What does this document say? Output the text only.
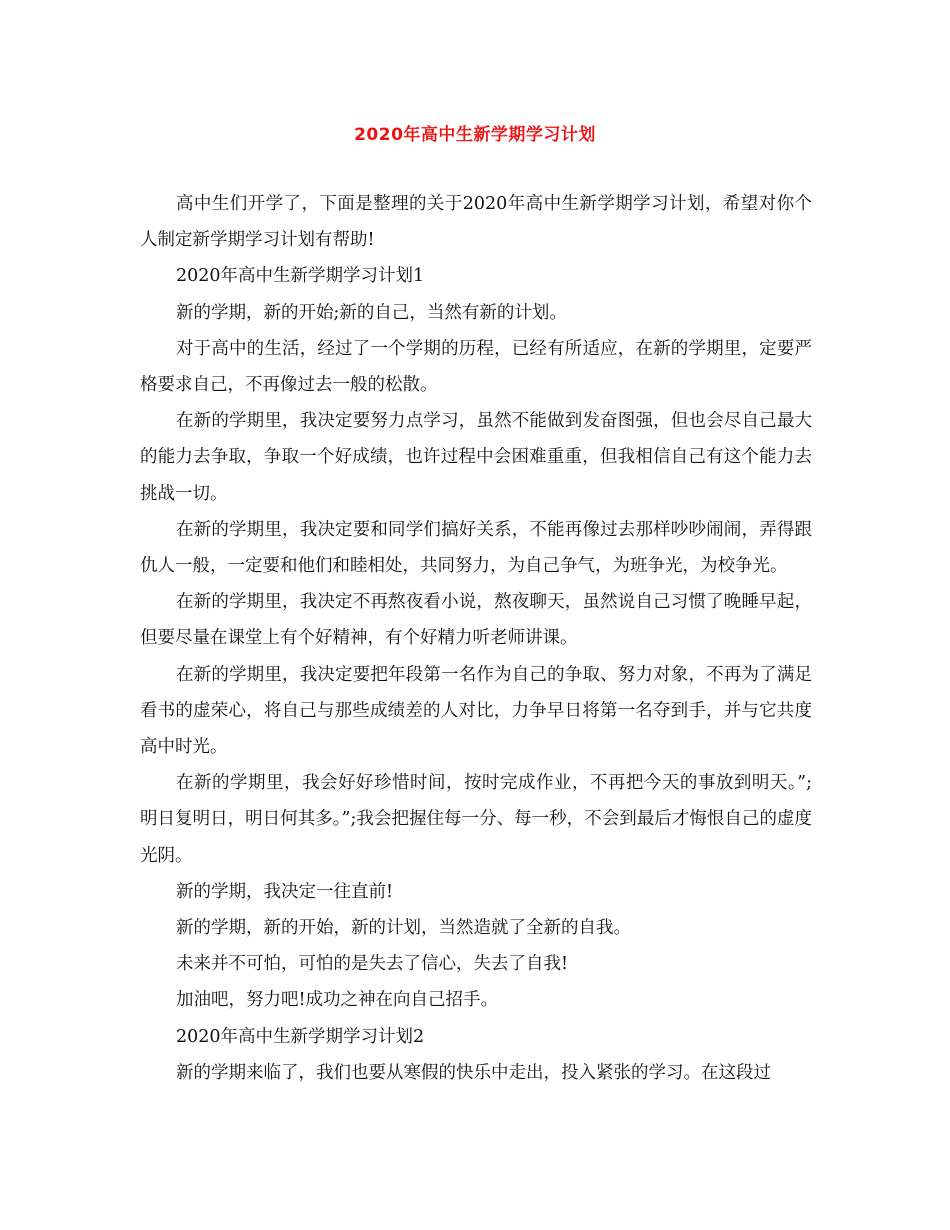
2020年高中生新学期学习计划

高中生们开学了，下面是整理的关于2020年高中生新学期学习计划，希望对你个人制定新学期学习计划有帮助!

2020年高中生新学期学习计划1

新的学期，新的开始;新的自己，当然有新的计划。

对于高中的生活，经过了一个学期的历程，已经有所适应，在新的学期里，定要严格要求自己，不再像过去一般的松散。

在新的学期里，我决定要努力点学习，虽然不能做到发奋图强，但也会尽自己最大的能力去争取，争取一个好成绩，也许过程中会困难重重，但我相信自己有这个能力去挑战一切。

在新的学期里，我决定要和同学们搞好关系，不能再像过去那样吵吵闹闹，弄得跟仇人一般，一定要和他们和睦相处，共同努力，为自己争气，为班争光，为校争光。

在新的学期里，我决定不再熬夜看小说，熬夜聊天，虽然说自己习惯了晚睡早起，但要尽量在课堂上有个好精神，有个好精力听老师讲课。

在新的学期里，我决定要把年段第一名作为自己的争取、努力对象，不再为了满足看书的虚荣心，将自己与那些成绩差的人对比，力争早日将第一名夺到手，并与它共度高中时光。

在新的学期里，我会好好珍惜时间，按时完成作业，不再把今天的事放到明天。”;明日复明日，明日何其多。”;我会把握住每一分、每一秒，不会到最后才悔恨自己的虚度光阴。

新的学期，我决定一往直前!

新的学期，新的开始，新的计划，当然造就了全新的自我。

未来并不可怕，可怕的是失去了信心，失去了自我!

加油吧，努力吧!成功之神在向自己招手。

2020年高中生新学期学习计划2

新的学期来临了，我们也要从寒假的快乐中走出，投入紧张的学习。在这段过
